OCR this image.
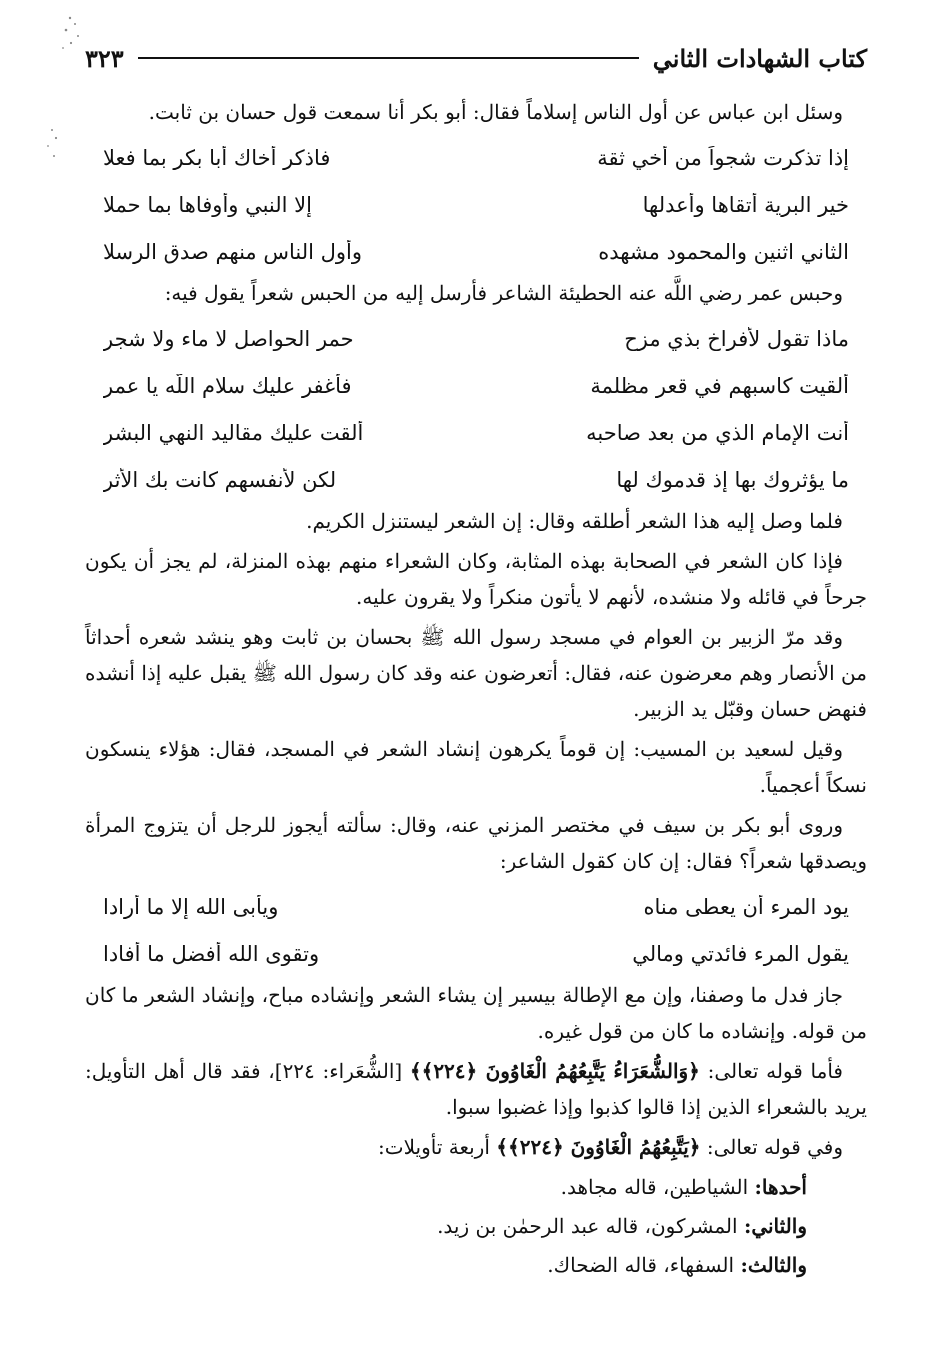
كتاب الشهادات الثاني
٣٢٣

وسئل ابن عباس عن أول الناس إسلاماً فقال: أبو بكر أنا سمعت قول حسان بن ثابت.

إذا تذكرت شجواً من أخي ثقة
فاذكر أخاك أبا بكر بما فعلا
خير البرية أتقاها وأعدلها
إلا النبي وأوفاها بما حملا
الثاني اثنين والمحمود مشهده
وأول الناس منهم صدق الرسلا

وحبس عمر رضي اللَّه عنه الحطيئة الشاعر فأرسل إليه من الحبس شعراً يقول فيه:

ماذا تقول لأفراخ بذي مزح
حمر الحواصل لا ماء ولا شجر
ألقيت كاسبهم في قعر مظلمة
فأغفر عليك سلام اللَّه يا عمر
أنت الإمام الذي من بعد صاحبه
ألقت عليك مقاليد النهي البشر
ما يؤثروك بها إذ قدموك لها
لكن لأنفسهم كانت بك الأثر

فلما وصل إليه هذا الشعر أطلقه وقال: إن الشعر ليستنزل الكريم.

فإذا كان الشعر في الصحابة بهذه المثابة، وكان الشعراء منهم بهذه المنزلة، لم يجز أن يكون جرحاً في قائله ولا منشده، لأنهم لا يأتون منكراً ولا يقرون عليه.

وقد مرّ الزبير بن العوام في مسجد رسول الله ﷺ بحسان بن ثابت وهو ينشد شعره أحداثاً من الأنصار وهم معرضون عنه، فقال: أتعرضون عنه وقد كان رسول الله ﷺ يقبل عليه إذا أنشده فنهض حسان وقبّل يد الزبير.

وقيل لسعيد بن المسيب: إن قوماً يكرهون إنشاد الشعر في المسجد، فقال: هؤلاء ينسكون نسكاً أعجمياً.

وروى أبو بكر بن سيف في مختصر المزني عنه، وقال: سألته أيجوز للرجل أن يتزوج المرأة ويصدقها شعراً؟ فقال: إن كان كقول الشاعر:

يود المرء أن يعطى مناه
ويأبى الله إلا ما أرادا
يقول المرء فائدتي ومالي
وتقوى الله أفضل ما أفادا

جاز فدل ما وصفنا، وإن مع الإطالة بيسير إن يشاء الشعر وإنشاده مباح، وإنشاد الشعر ما كان من قوله. وإنشاده ما كان من قول غيره.

فأما قوله تعالى: ﴿وَالشُّعَرَاءُ يَتَّبِعُهُمُ الْغَاوُونَ ﴿٢٢٤﴾﴾ [الشُّعَراء: ٢٢٤]، فقد قال أهل التأويل: يريد بالشعراء الذين إذا قالوا كذبوا وإذا غضبوا سبوا.

وفي قوله تعالى: ﴿يَتَّبِعُهُمُ الْغَاوُونَ ﴿٢٢٤﴾﴾ أربعة تأويلات:

أحدها: الشياطين، قاله مجاهد.
والثاني: المشركون، قاله عبد الرحمٰن بن زيد.
والثالث: السفهاء، قاله الضحاك.
